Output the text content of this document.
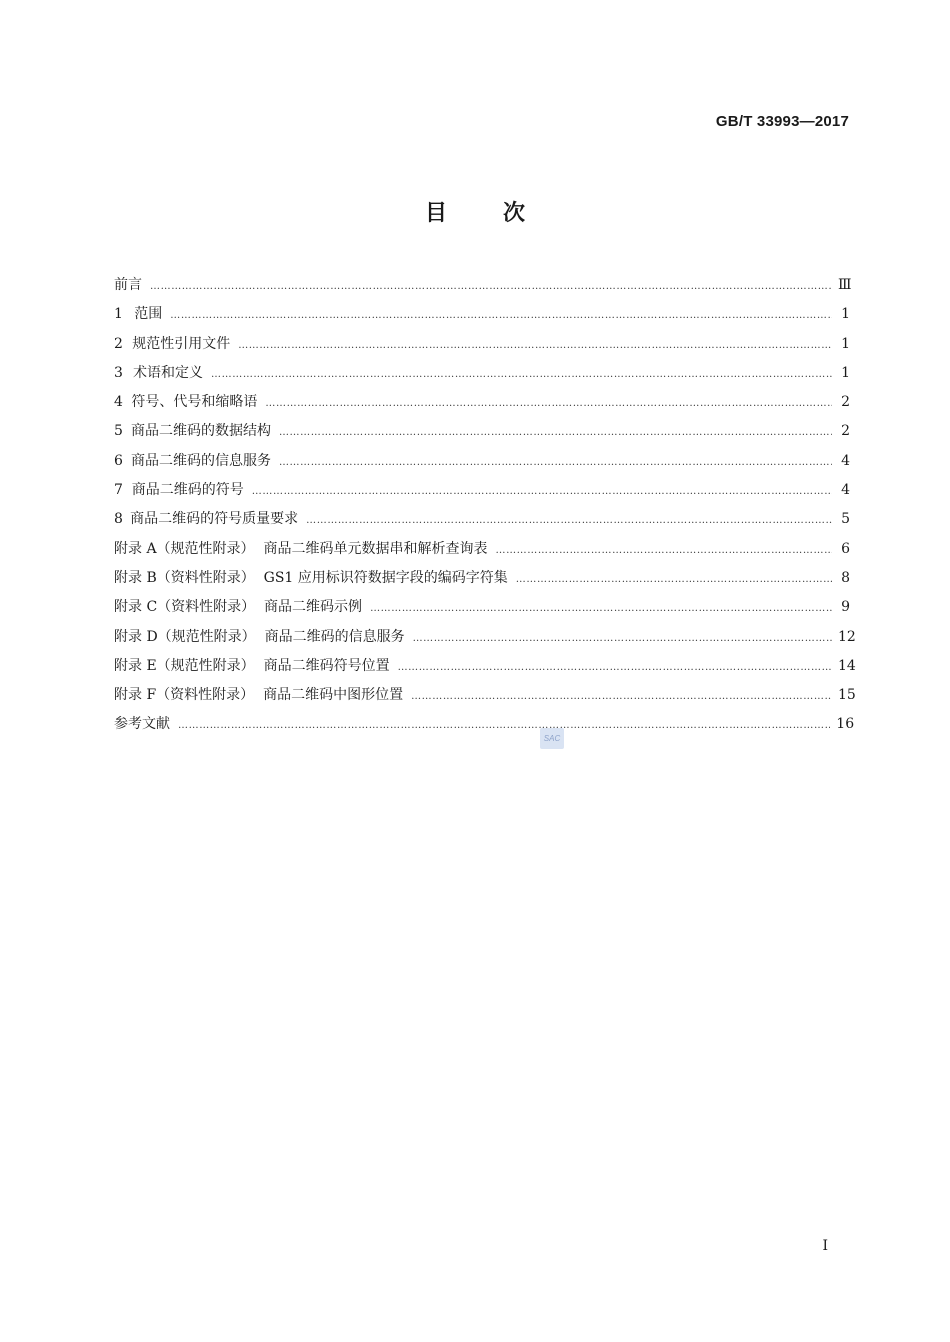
GB/T 33993—2017
目	次
前言 ……………………………………………………………………………………………………………………………………………………………………………………………………………………	Ⅲ
1 范围 ……………………………………………………………………………………………………………………………………………………………………………………………………………………	1
2 规范性引用文件 ……………………………………………………………………………………………………………………………………………………………………………………………………………………	1
3 术语和定义 ……………………………………………………………………………………………………………………………………………………………………………………………………………………	1
4 符号、代号和缩略语 ……………………………………………………………………………………………………………………………………………………………………………………………………………………	2
5 商品二维码的数据结构 ……………………………………………………………………………………………………………………………………………………………………………………………………………………	2
6 商品二维码的信息服务 ……………………………………………………………………………………………………………………………………………………………………………………………………………………	4
7 商品二维码的符号 ……………………………………………………………………………………………………………………………………………………………………………………………………………………	4
8 商品二维码的符号质量要求 ……………………………………………………………………………………………………………………………………………………………………………………………………………………	5
附录 A（规范性附录）  商品二维码单元数据串和解析查询表 ……………………………………………………………………………………………………………………………………………………………………………………………………………………	6
附录 B（资料性附录）  GS1 应用标识符数据字段的编码字符集 ……………………………………………………………………………………………………………………………………………………………………………………………………………………	8
附录 C（资料性附录）  商品二维码示例 ……………………………………………………………………………………………………………………………………………………………………………………………………………………	9
附录 D（规范性附录）  商品二维码的信息服务 ……………………………………………………………………………………………………………………………………………………………………………………………………………………	12
附录 E（规范性附录）  商品二维码符号位置 ……………………………………………………………………………………………………………………………………………………………………………………………………………………	14
附录 F（资料性附录）  商品二维码中图形位置 ……………………………………………………………………………………………………………………………………………………………………………………………………………………	15
参考文献 ……………………………………………………………………………………………………………………………………………………………………………………………………………………	16
SAC
I
